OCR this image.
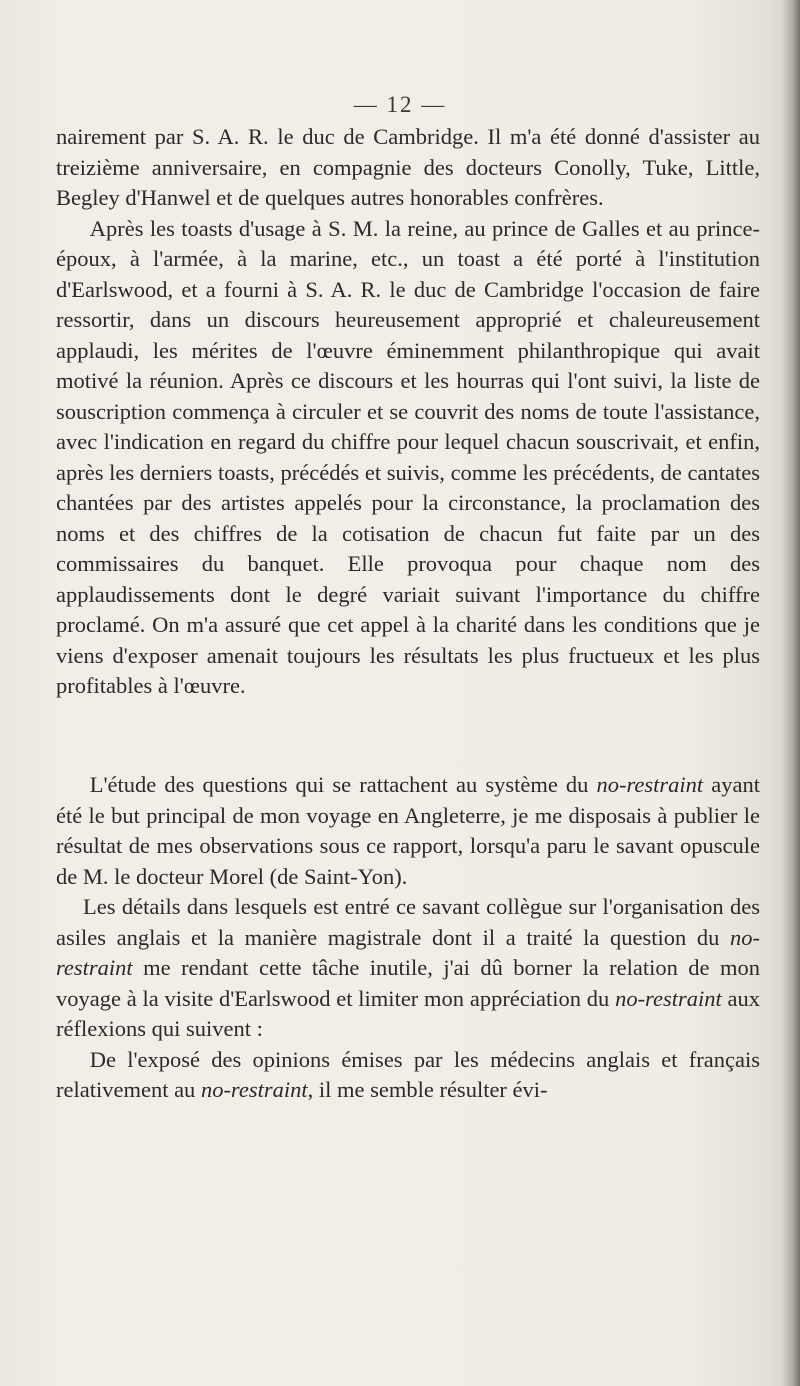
— 12 —

nairement par S. A. R. le duc de Cambridge. Il m'a été donné d'assister au treizième anniversaire, en compagnie des docteurs Conolly, Tuke, Little, Begley d'Hanwel et de quelques autres honorables confrères.

Après les toasts d'usage à S. M. la reine, au prince de Galles et au prince-époux, à l'armée, à la marine, etc., un toast a été porté à l'institution d'Earlswood, et a fourni à S. A. R. le duc de Cambridge l'occasion de faire ressortir, dans un discours heureusement approprié et chaleureusement applaudi, les mérites de l'œuvre éminemment philanthropique qui avait motivé la réunion. Après ce discours et les hourras qui l'ont suivi, la liste de souscription commença à circuler et se couvrit des noms de toute l'assistance, avec l'indication en regard du chiffre pour lequel chacun souscrivait, et enfin, après les derniers toasts, précédés et suivis, comme les précédents, de cantates chantées par des artistes appelés pour la circonstance, la proclamation des noms et des chiffres de la cotisation de chacun fut faite par un des commissaires du banquet. Elle provoqua pour chaque nom des applaudissements dont le degré variait suivant l'importance du chiffre proclamé. On m'a assuré que cet appel à la charité dans les conditions que je viens d'exposer amenait toujours les résultats les plus fructueux et les plus profitables à l'œuvre.

L'étude des questions qui se rattachent au système du no-restraint ayant été le but principal de mon voyage en Angleterre, je me disposais à publier le résultat de mes observations sous ce rapport, lorsqu'a paru le savant opuscule de M. le docteur Morel (de Saint-Yon).

Les détails dans lesquels est entré ce savant collègue sur l'organisation des asiles anglais et la manière magistrale dont il a traité la question du no-restraint me rendant cette tâche inutile, j'ai dû borner la relation de mon voyage à la visite d'Earlswood et limiter mon appréciation du no-restraint aux réflexions qui suivent :

De l'exposé des opinions émises par les médecins anglais et français relativement au no-restraint, il me semble résulter évi-
